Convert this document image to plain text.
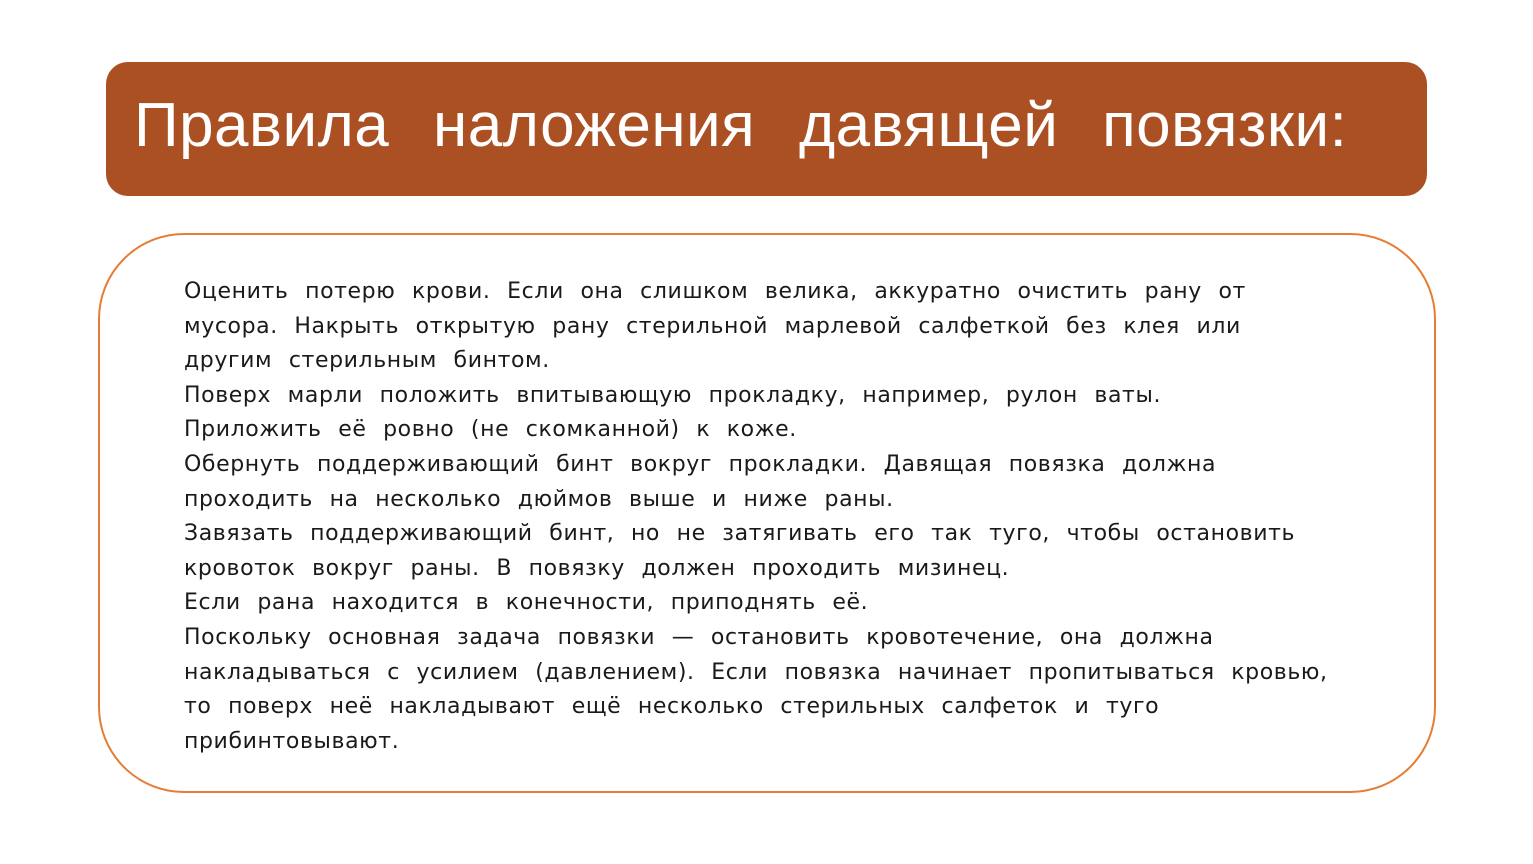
Правила наложения давящей повязки:

Оценить потерю крови. Если она слишком велика, аккуратно очистить рану от мусора. Накрыть открытую рану стерильной марлевой салфеткой без клея или другим стерильным бинтом.

Поверх марли положить впитывающую прокладку, например, рулон ваты.

Приложить её ровно (не скомканной) к коже.

Обернуть поддерживающий бинт вокруг прокладки. Давящая повязка должна проходить на несколько дюймов выше и ниже раны.

Завязать поддерживающий бинт, но не затягивать его так туго, чтобы остановить кровоток вокруг раны. В повязку должен проходить мизинец.

Если рана находится в конечности, приподнять её.

Поскольку основная задача повязки — остановить кровотечение, она должна накладываться с усилием (давлением). Если повязка начинает пропитываться кровью, то поверх неё накладывают ещё несколько стерильных салфеток и туго прибинтовывают.
